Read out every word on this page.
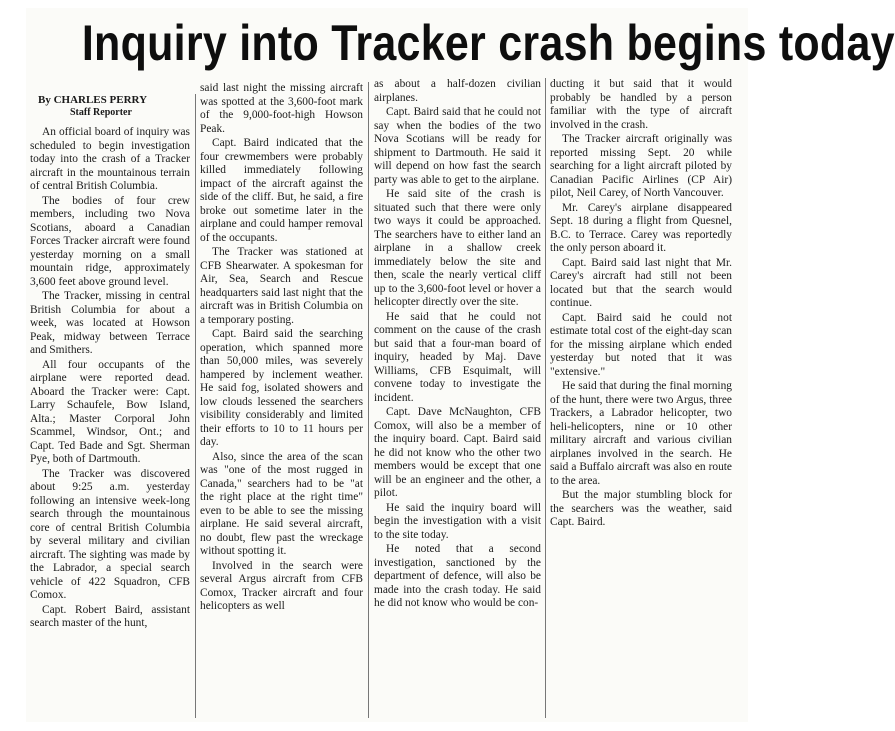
Inquiry into Tracker crash begins today
By CHARLES PERRY
Staff Reporter

An official board of inquiry was scheduled to begin investigation today into the crash of a Tracker aircraft in the mountainous terrain of central British Columbia.

The bodies of four crew members, including two Nova Scotians, aboard a Canadian Forces Tracker aircraft were found yesterday morning on a small mountain ridge, approximately 3,600 feet above ground level.

The Tracker, missing in central British Columbia for about a week, was located at Howson Peak, midway between Terrace and Smithers.

All four occupants of the airplane were reported dead. Aboard the Tracker were: Capt. Larry Schaufele, Bow Island, Alta.; Master Corporal John Scammel, Windsor, Ont.; and Capt. Ted Bade and Sgt. Sherman Pye, both of Dartmouth.

The Tracker was discovered about 9:25 a.m. yesterday following an intensive week-long search through the mountainous core of central British Columbia by several military and civilian aircraft. The sighting was made by the Labrador, a special search vehicle of 422 Squadron, CFB Comox.

Capt. Robert Baird, assistant search master of the hunt,

said last night the missing aircraft was spotted at the 3,600-foot mark of the 9,000-foot-high Howson Peak.

Capt. Baird indicated that the four crewmembers were probably killed immediately following impact of the aircraft against the side of the cliff. But, he said, a fire broke out sometime later in the airplane and could hamper removal of the occupants.

The Tracker was stationed at CFB Shearwater. A spokesman for Air, Sea, Search and Rescue headquarters said last night that the aircraft was in British Columbia on a temporary posting.

Capt. Baird said the searching operation, which spanned more than 50,000 miles, was severely hampered by inclement weather. He said fog, isolated showers and low clouds lessened the searchers visibility considerably and limited their efforts to 10 to 11 hours per day.

Also, since the area of the scan was "one of the most rugged in Canada," searchers had to be "at the right place at the right time" even to be able to see the missing airplane. He said several aircraft, no doubt, flew past the wreckage without spotting it.

Involved in the search were several Argus aircraft from CFB Comox, Tracker aircraft and four helicopters as well

as about a half-dozen civilian airplanes.

Capt. Baird said that he could not say when the bodies of the two Nova Scotians will be ready for shipment to Dartmouth. He said it will depend on how fast the search party was able to get to the airplane.

He said site of the crash is situated such that there were only two ways it could be approached. The searchers have to either land an airplane in a shallow creek immediately below the site and then, scale the nearly vertical cliff up to the 3,600-foot level or hover a helicopter directly over the site.

He said that he could not comment on the cause of the crash but said that a four-man board of inquiry, headed by Maj. Dave Williams, CFB Esquimalt, will convene today to investigate the incident.

Capt. Dave McNaughton, CFB Comox, will also be a member of the inquiry board. Capt. Baird said he did not know who the other two members would be except that one will be an engineer and the other, a pilot.

He said the inquiry board will begin the investigation with a visit to the site today.

He noted that a second investigation, sanctioned by the department of defence, will also be made into the crash today. He said he did not know who would be con-

ducting it but said that it would probably be handled by a person familiar with the type of aircraft involved in the crash.

The Tracker aircraft originally was reported missing Sept. 20 while searching for a light aircraft piloted by Canadian Pacific Airlines (CP Air) pilot, Neil Carey, of North Vancouver.

Mr. Carey's airplane disappeared Sept. 18 during a flight from Quesnel, B.C. to Terrace. Carey was reportedly the only person aboard it.

Capt. Baird said last night that Mr. Carey's aircraft had still not been located but that the search would continue.

Capt. Baird said he could not estimate total cost of the eight-day scan for the missing airplane which ended yesterday but noted that it was "extensive."

He said that during the final morning of the hunt, there were two Argus, three Trackers, a Labrador helicopter, two heli-helicopters, nine or 10 other military aircraft and various civilian airplanes involved in the search. He said a Buffalo aircraft was also en route to the area.

But the major stumbling block for the searchers was the weather, said Capt. Baird.
